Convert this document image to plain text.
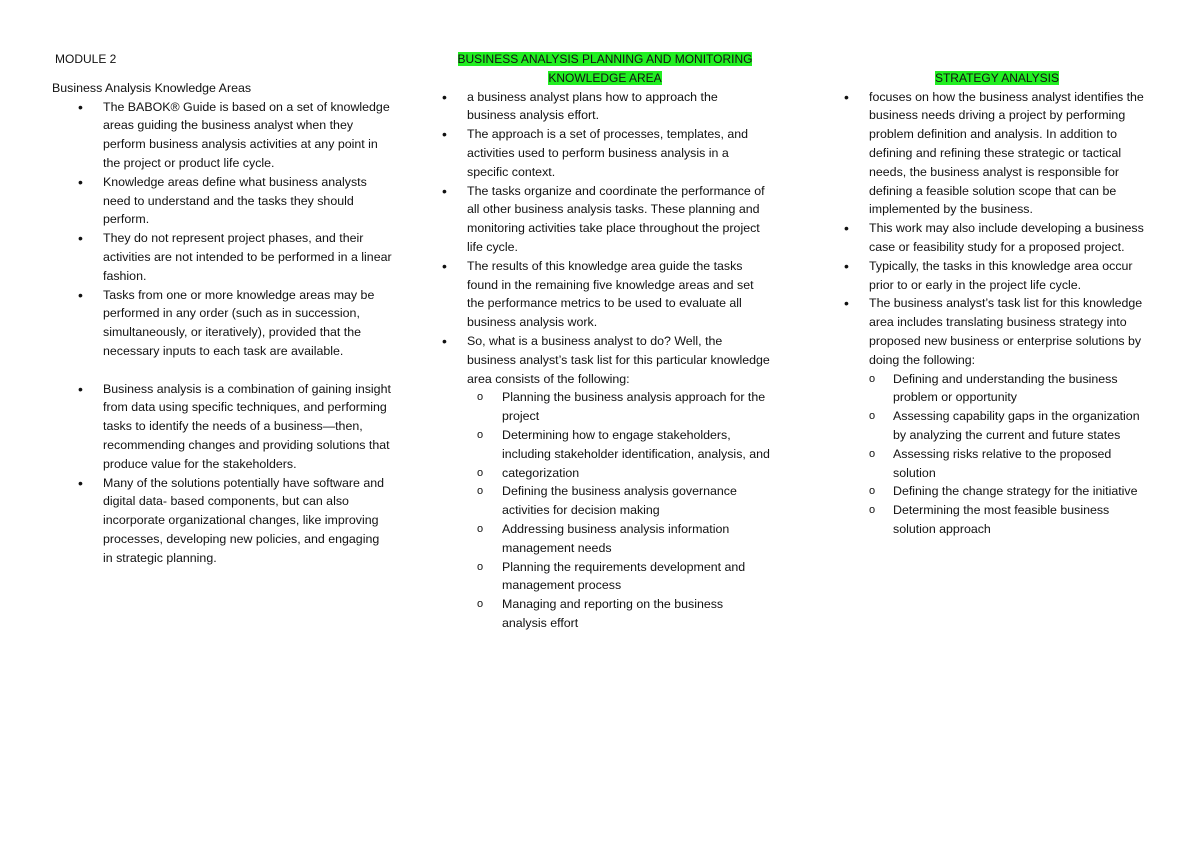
MODULE 2
Business Analysis Knowledge Areas
• The BABOK® Guide is based on a set of knowledge areas guiding the business analyst when they perform business analysis activities at any point in the project or product life cycle.
• Knowledge areas define what business analysts need to understand and the tasks they should perform.
• They do not represent project phases, and their activities are not intended to be performed in a linear fashion.
• Tasks from one or more knowledge areas may be performed in any order (such as in succession, simultaneously, or iteratively), provided that the necessary inputs to each task are available.
• Business analysis is a combination of gaining insight from data using specific techniques, and performing tasks to identify the needs of a business—then, recommending changes and providing solutions that produce value for the stakeholders.
• Many of the solutions potentially have software and digital data- based components, but can also incorporate organizational changes, like improving processes, developing new policies, and engaging in strategic planning.
BUSINESS ANALYSIS PLANNING AND MONITORING
KNOWLEDGE AREA
• a business analyst plans how to approach the business analysis effort.
• The approach is a set of processes, templates, and activities used to perform business analysis in a specific context.
• The tasks organize and coordinate the performance of all other business analysis tasks. These planning and monitoring activities take place throughout the project life cycle.
• The results of this knowledge area guide the tasks found in the remaining five knowledge areas and set the performance metrics to be used to evaluate all business analysis work.
• So, what is a business analyst to do? Well, the business analyst’s task list for this particular knowledge area consists of the following:
o Planning the business analysis approach for the project
o Determining how to engage stakeholders, including stakeholder identification, analysis, and
o categorization
o Defining the business analysis governance activities for decision making
o Addressing business analysis information management needs
o Planning the requirements development and management process
o Managing and reporting on the business analysis effort
STRATEGY ANALYSIS
• focuses on how the business analyst identifies the business needs driving a project by performing problem definition and analysis. In addition to defining and refining these strategic or tactical needs, the business analyst is responsible for defining a feasible solution scope that can be implemented by the business.
• This work may also include developing a business case or feasibility study for a proposed project.
• Typically, the tasks in this knowledge area occur prior to or early in the project life cycle.
• The business analyst’s task list for this knowledge area includes translating business strategy into proposed new business or enterprise solutions by doing the following:
o Defining and understanding the business problem or opportunity
o Assessing capability gaps in the organization by analyzing the current and future states
o Assessing risks relative to the proposed solution
o Defining the change strategy for the initiative
o Determining the most feasible business solution approach
